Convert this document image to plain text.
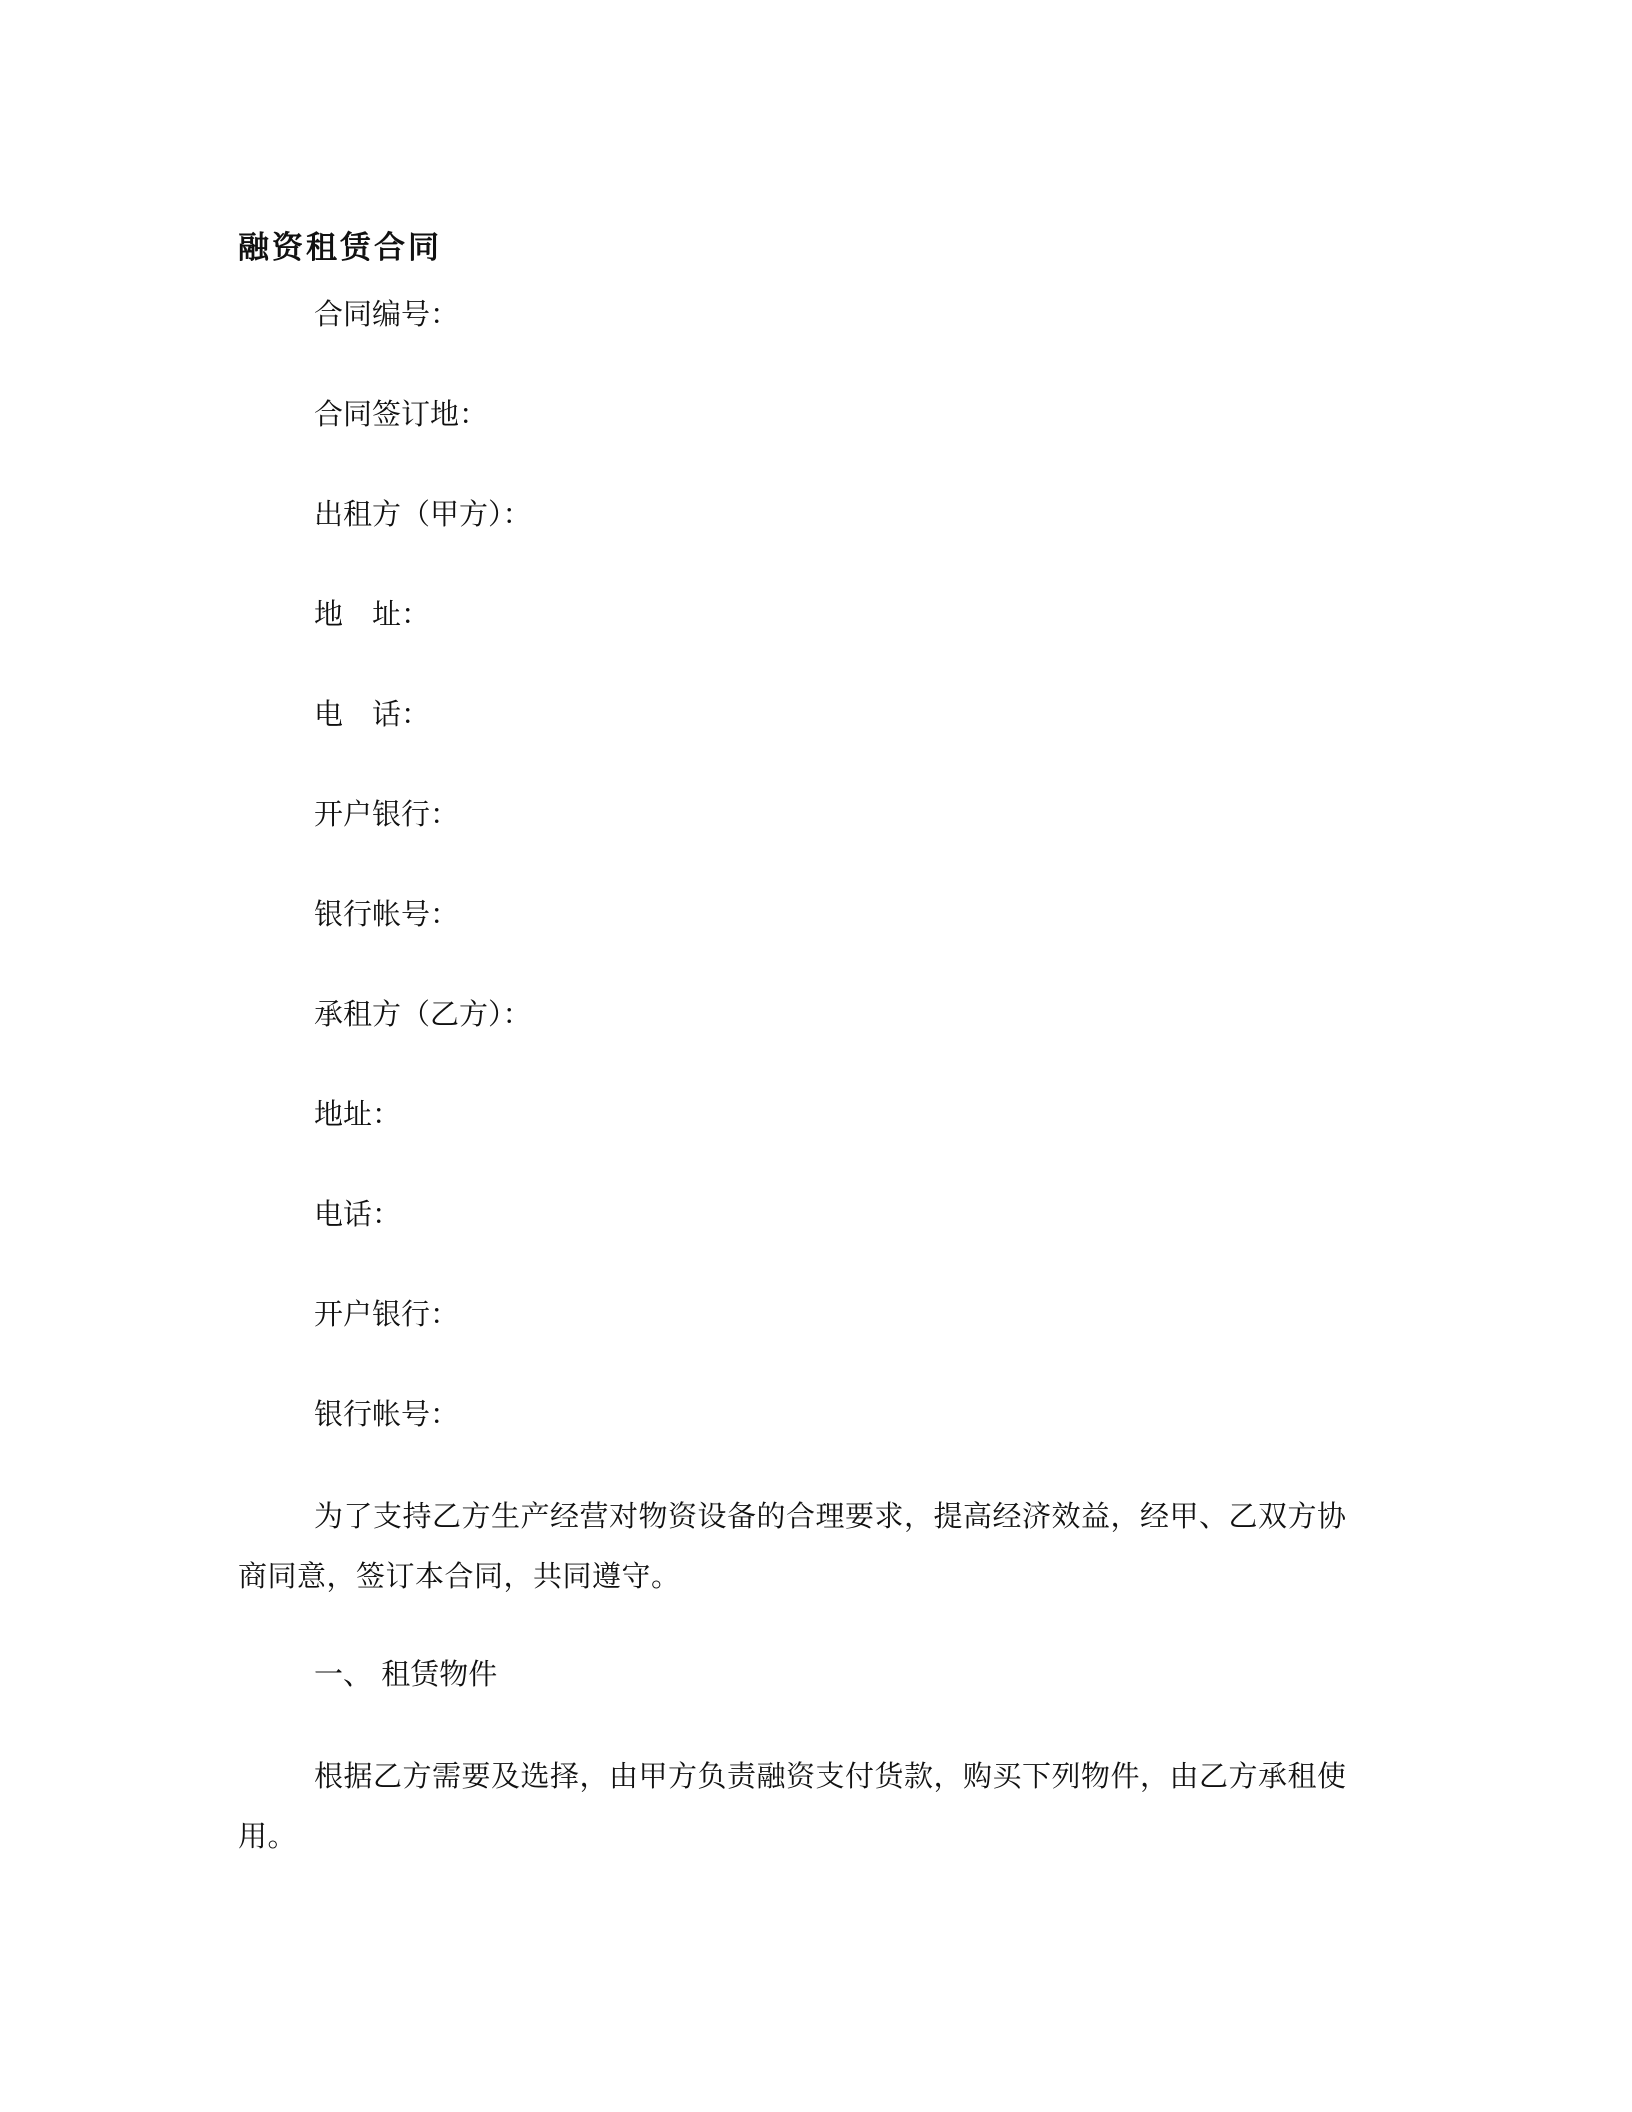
融资租赁合同
合同编号：
合同签订地：
出租方（甲方）：
地　址：
电　话：
开户银行：
银行帐号：
承租方（乙方）：
地址：
电话：
开户银行：
银行帐号：
为了支持乙方生产经营对物资设备的合理要求，提高经济效益，经甲、乙双方协商同意，签订本合同，共同遵守。
一、 租赁物件
根据乙方需要及选择，由甲方负责融资支付货款，购买下列物件，由乙方承租使用。
